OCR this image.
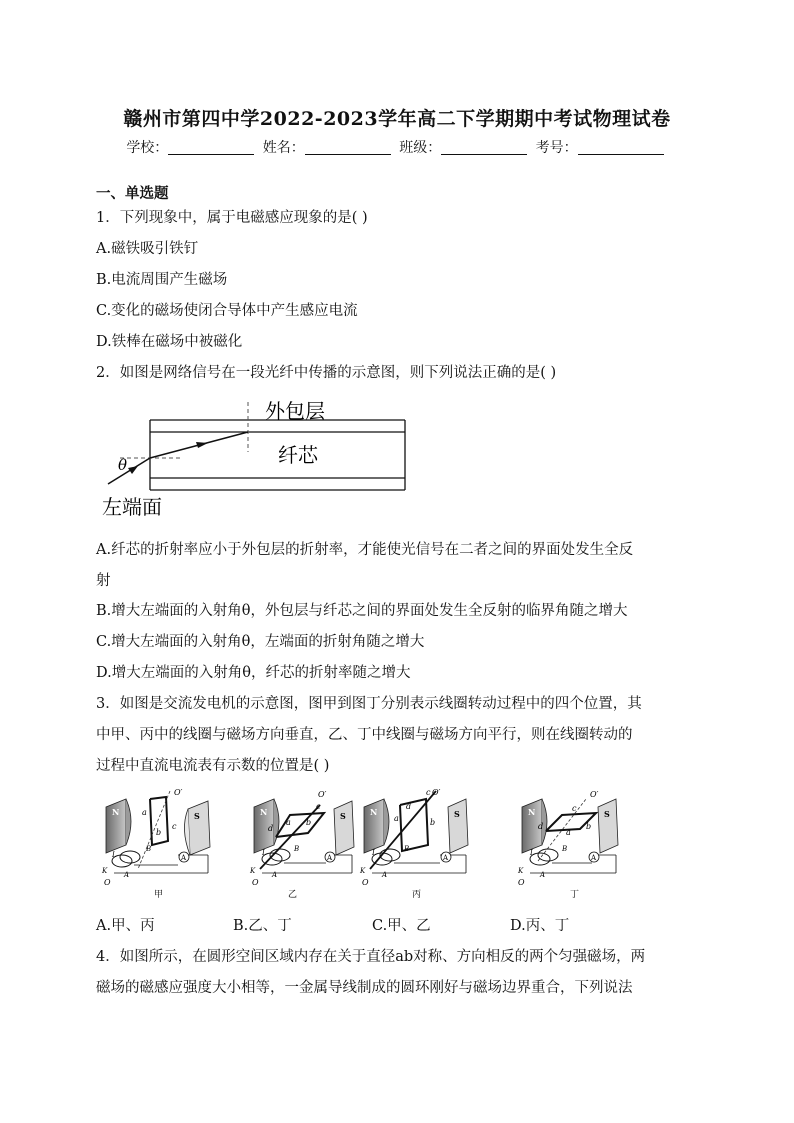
赣州市第四中学2022-2023学年高二下学期期中考试物理试卷
学校：	姓名：	班级：	考号：
一、单选题
1．下列现象中，属于电磁感应现象的是( )
A.磁铁吸引铁钉
B.电流周围产生磁场
C.变化的磁场使闭合导体中产生感应电流
D.铁棒在磁场中被磁化
2．如图是网络信号在一段光纤中传播的示意图，则下列说法正确的是( )
外包层
纤芯
左端面
θ
A.纤芯的折射率应小于外包层的折射率，才能使光信号在二者之间的界面处发生全反
射
B.增大左端面的入射角θ，外包层与纤芯之间的界面处发生全反射的临界角随之增大
C.增大左端面的入射角θ，左端面的折射角随之增大
D.增大左端面的入射角θ，纤芯的折射率随之增大
3．如图是交流发电机的示意图，图甲到图丁分别表示线圈转动过程中的四个位置，其
中甲、丙中的线圈与磁场方向垂直，乙、丁中线圈与磁场方向平行，则在线圈转动的
过程中直流电流表有示数的位置是( )
A
N	S
O′
O
a
b
c
L
K
B
A
甲
A
N	S
O′
O
a b
c
d
L
K
B
A
乙
A
N	S
O′
O
a	b
c
d
L
K
B
A
丙
A
N	S
O′
O
a
b
c
d
L
K
B
A
丁
A.甲、丙	B.乙、丁	C.甲、乙	D.丙、丁
4．如图所示，在圆形空间区域内存在关于直径ab对称、方向相反的两个匀强磁场，两
磁场的磁感应强度大小相等，一金属导线制成的圆环刚好与磁场边界重合，下列说法
